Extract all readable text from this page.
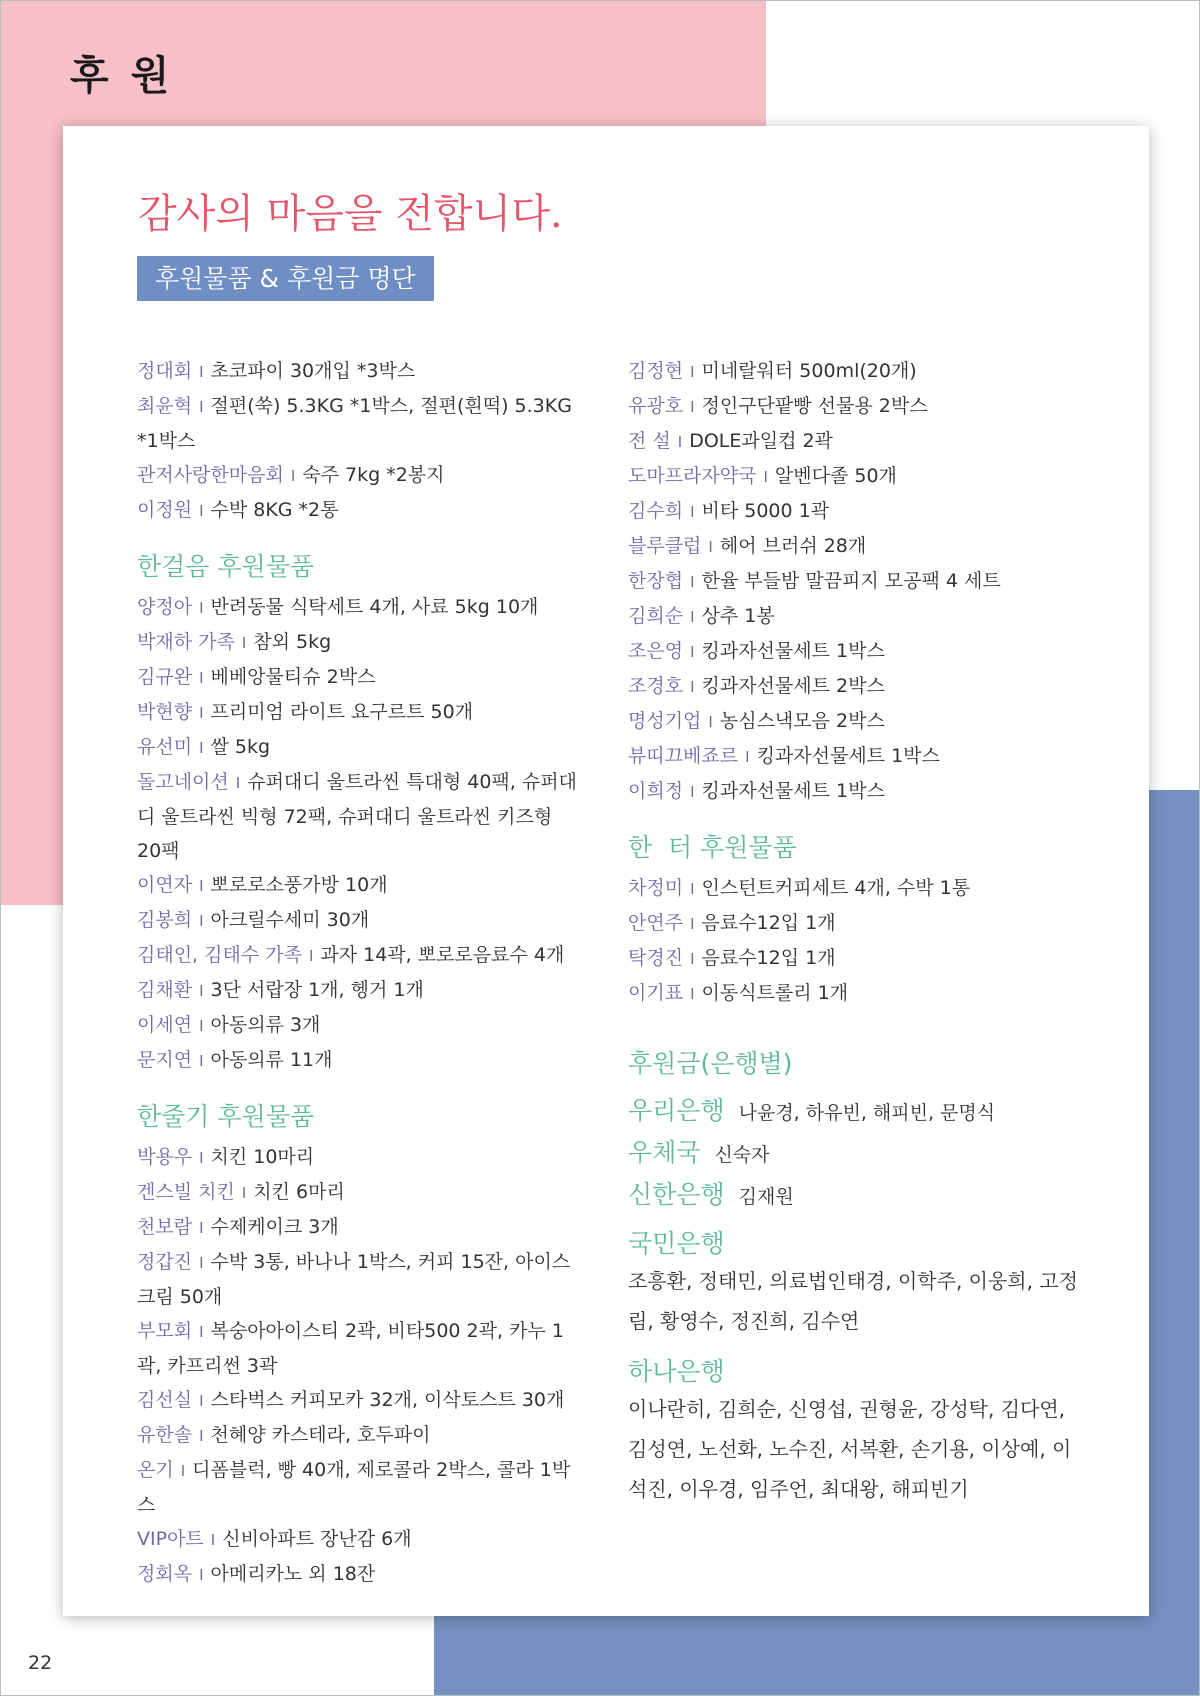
후 원
감사의 마음을 전합니다.
후원물품 & 후원금 명단
정대회 I 초코파이 30개입 *3박스
최윤혁 I 절편(쑥) 5.3KG *1박스, 절편(흰떡) 5.3KG *1박스
관저사랑한마음회 I 숙주 7kg *2봉지
이정원 I 수박 8KG *2통
한걸음 후원물품
양정아 I 반려동물 식탁세트 4개, 사료 5kg 10개
박재하 가족 I 참외 5kg
김규완 I 베베앙물티슈 2박스
박현향 I 프리미엄 라이트 요구르트 50개
유선미 I 쌀 5kg
돌고네이션 I 슈퍼대디 울트라씬 특대형 40팩, 슈퍼대디 울트라씬 빅형 72팩, 슈퍼대디 울트라씬 키즈형 20팩
이연자 I 뽀로로소풍가방 10개
김봉희 I 아크릴수세미 30개
김태인, 김태수 가족 I 과자 14곽, 뽀로로음료수 4개
김채환 I 3단 서랍장 1개, 헹거 1개
이세연 I 아동의류 3개
문지연 I 아동의류 11개
한줄기 후원물품
박용우 I 치킨 10마리
겐스빌 치킨 I 치킨 6마리
천보람 I 수제케이크 3개
정갑진 I 수박 3통, 바나나 1박스, 커피 15잔, 아이스크림 50개
부모회 I 복숭아아이스티 2곽, 비타500 2곽, 카누 1곽, 카프리썬 3곽
김선실 I 스타벅스 커피모카 32개, 이삭토스트 30개
유한솔 I 천혜양 카스테라, 호두파이
온기 I 디폼블럭, 빵 40개, 제로콜라 2박스, 콜라 1박스
VIP아트 I 신비아파트 장난감 6개
정회옥 I 아메리카노 외 18잔
김정현 I 미네랄워터 500ml(20개)
유광호 I 정인구단팥빵 선물용 2박스
전 설 I DOLE과일컵 2곽
도마프라자약국 I 알벤다졸 50개
김수희 I 비타 5000 1곽
블루클럽 I 헤어 브러쉬 28개
한장협 I 한율 부들밤 말끔피지 모공팩 4 세트
김희순 I 상추 1봉
조은영 I 킹과자선물세트 1박스
조경호 I 킹과자선물세트 2박스
명성기업 I 농심스낵모음 2박스
뷰띠끄베죠르 I 킹과자선물세트 1박스
이희정 I 킹과자선물세트 1박스
한  터 후원물품
차정미 I 인스턴트커피세트 4개, 수박 1통
안연주 I 음료수12입 1개
탁경진 I 음료수12입 1개
이기표 I 이동식트롤리 1개
후원금(은행별)
우리은행 나윤경, 하유빈, 해피빈, 문명식
우체국 신숙자
신한은행 김재원
국민은행
조흥환, 정태민, 의료법인태경, 이학주, 이웅희, 고정림, 황영수, 정진희, 김수연
하나은행
이나란히, 김희순, 신영섭, 권형윤, 강성탁, 김다연, 김성연, 노선화, 노수진, 서복환, 손기용, 이상예, 이석진, 이우경, 임주언, 최대왕, 해피빈기
22
